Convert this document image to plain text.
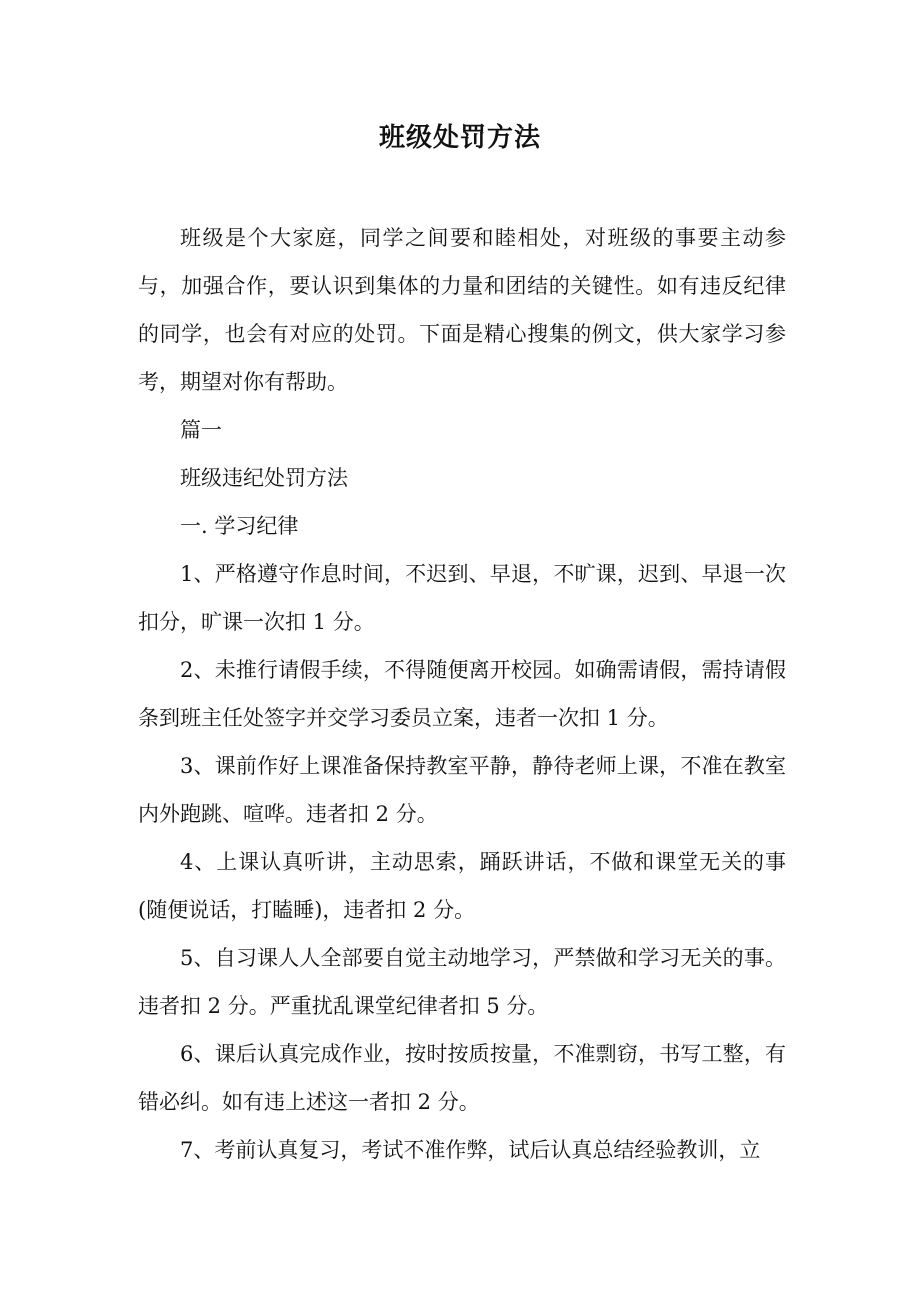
班级处罚方法

班级是个大家庭，同学之间要和睦相处，对班级的事要主动参与，加强合作，要认识到集体的力量和团结的关键性。如有违反纪律的同学，也会有对应的处罚。下面是精心搜集的例文，供大家学习参考，期望对你有帮助。

篇一

班级违纪处罚方法

一. 学习纪律

1、严格遵守作息时间，不迟到、早退，不旷课，迟到、早退一次扣分，旷课一次扣 1 分。

2、未推行请假手续，不得随便离开校园。如确需请假，需持请假条到班主任处签字并交学习委员立案，违者一次扣 1 分。

3、课前作好上课准备保持教室平静，静待老师上课，不准在教室内外跑跳、喧哗。违者扣 2 分。

4、上课认真听讲，主动思索，踊跃讲话，不做和课堂无关的事(随便说话，打瞌睡)，违者扣 2 分。

5、自习课人人全部要自觉主动地学习，严禁做和学习无关的事。违者扣 2 分。严重扰乱课堂纪律者扣 5 分。

6、课后认真完成作业，按时按质按量，不准剽窃，书写工整，有错必纠。如有违上述这一者扣 2 分。

7、考前认真复习，考试不准作弊，试后认真总结经验教训，立
